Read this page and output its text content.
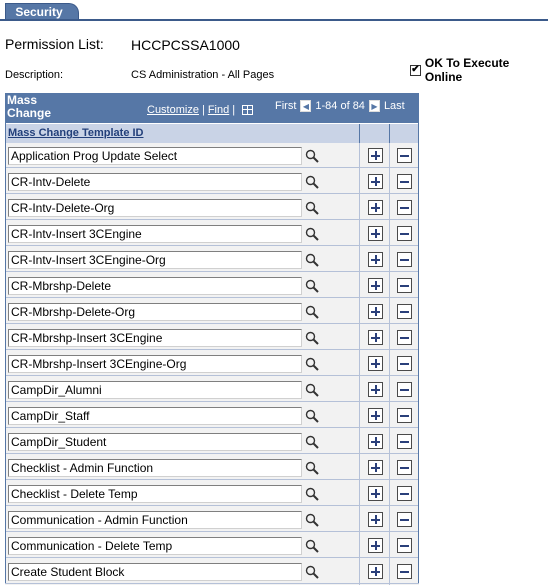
Security
Permission List: HCCPCSSA1000
Description:	CS Administration - All Pages	✔ OK To Execute Online
Mass
Change	Customize | Find |	First ◀ 1-84 of 84 ▶ Last
Mass Change Template ID
Application Prog Update Select
CR-Intv-Delete
CR-Intv-Delete-Org
CR-Intv-Insert 3CEngine
CR-Intv-Insert 3CEngine-Org
CR-Mbrshp-Delete
CR-Mbrshp-Delete-Org
CR-Mbrshp-Insert 3CEngine
CR-Mbrshp-Insert 3CEngine-Org
CampDir_Alumni
CampDir_Staff
CampDir_Student
Checklist - Admin Function
Checklist - Delete Temp
Communication - Admin Function
Communication - Delete Temp
Create Student Block
